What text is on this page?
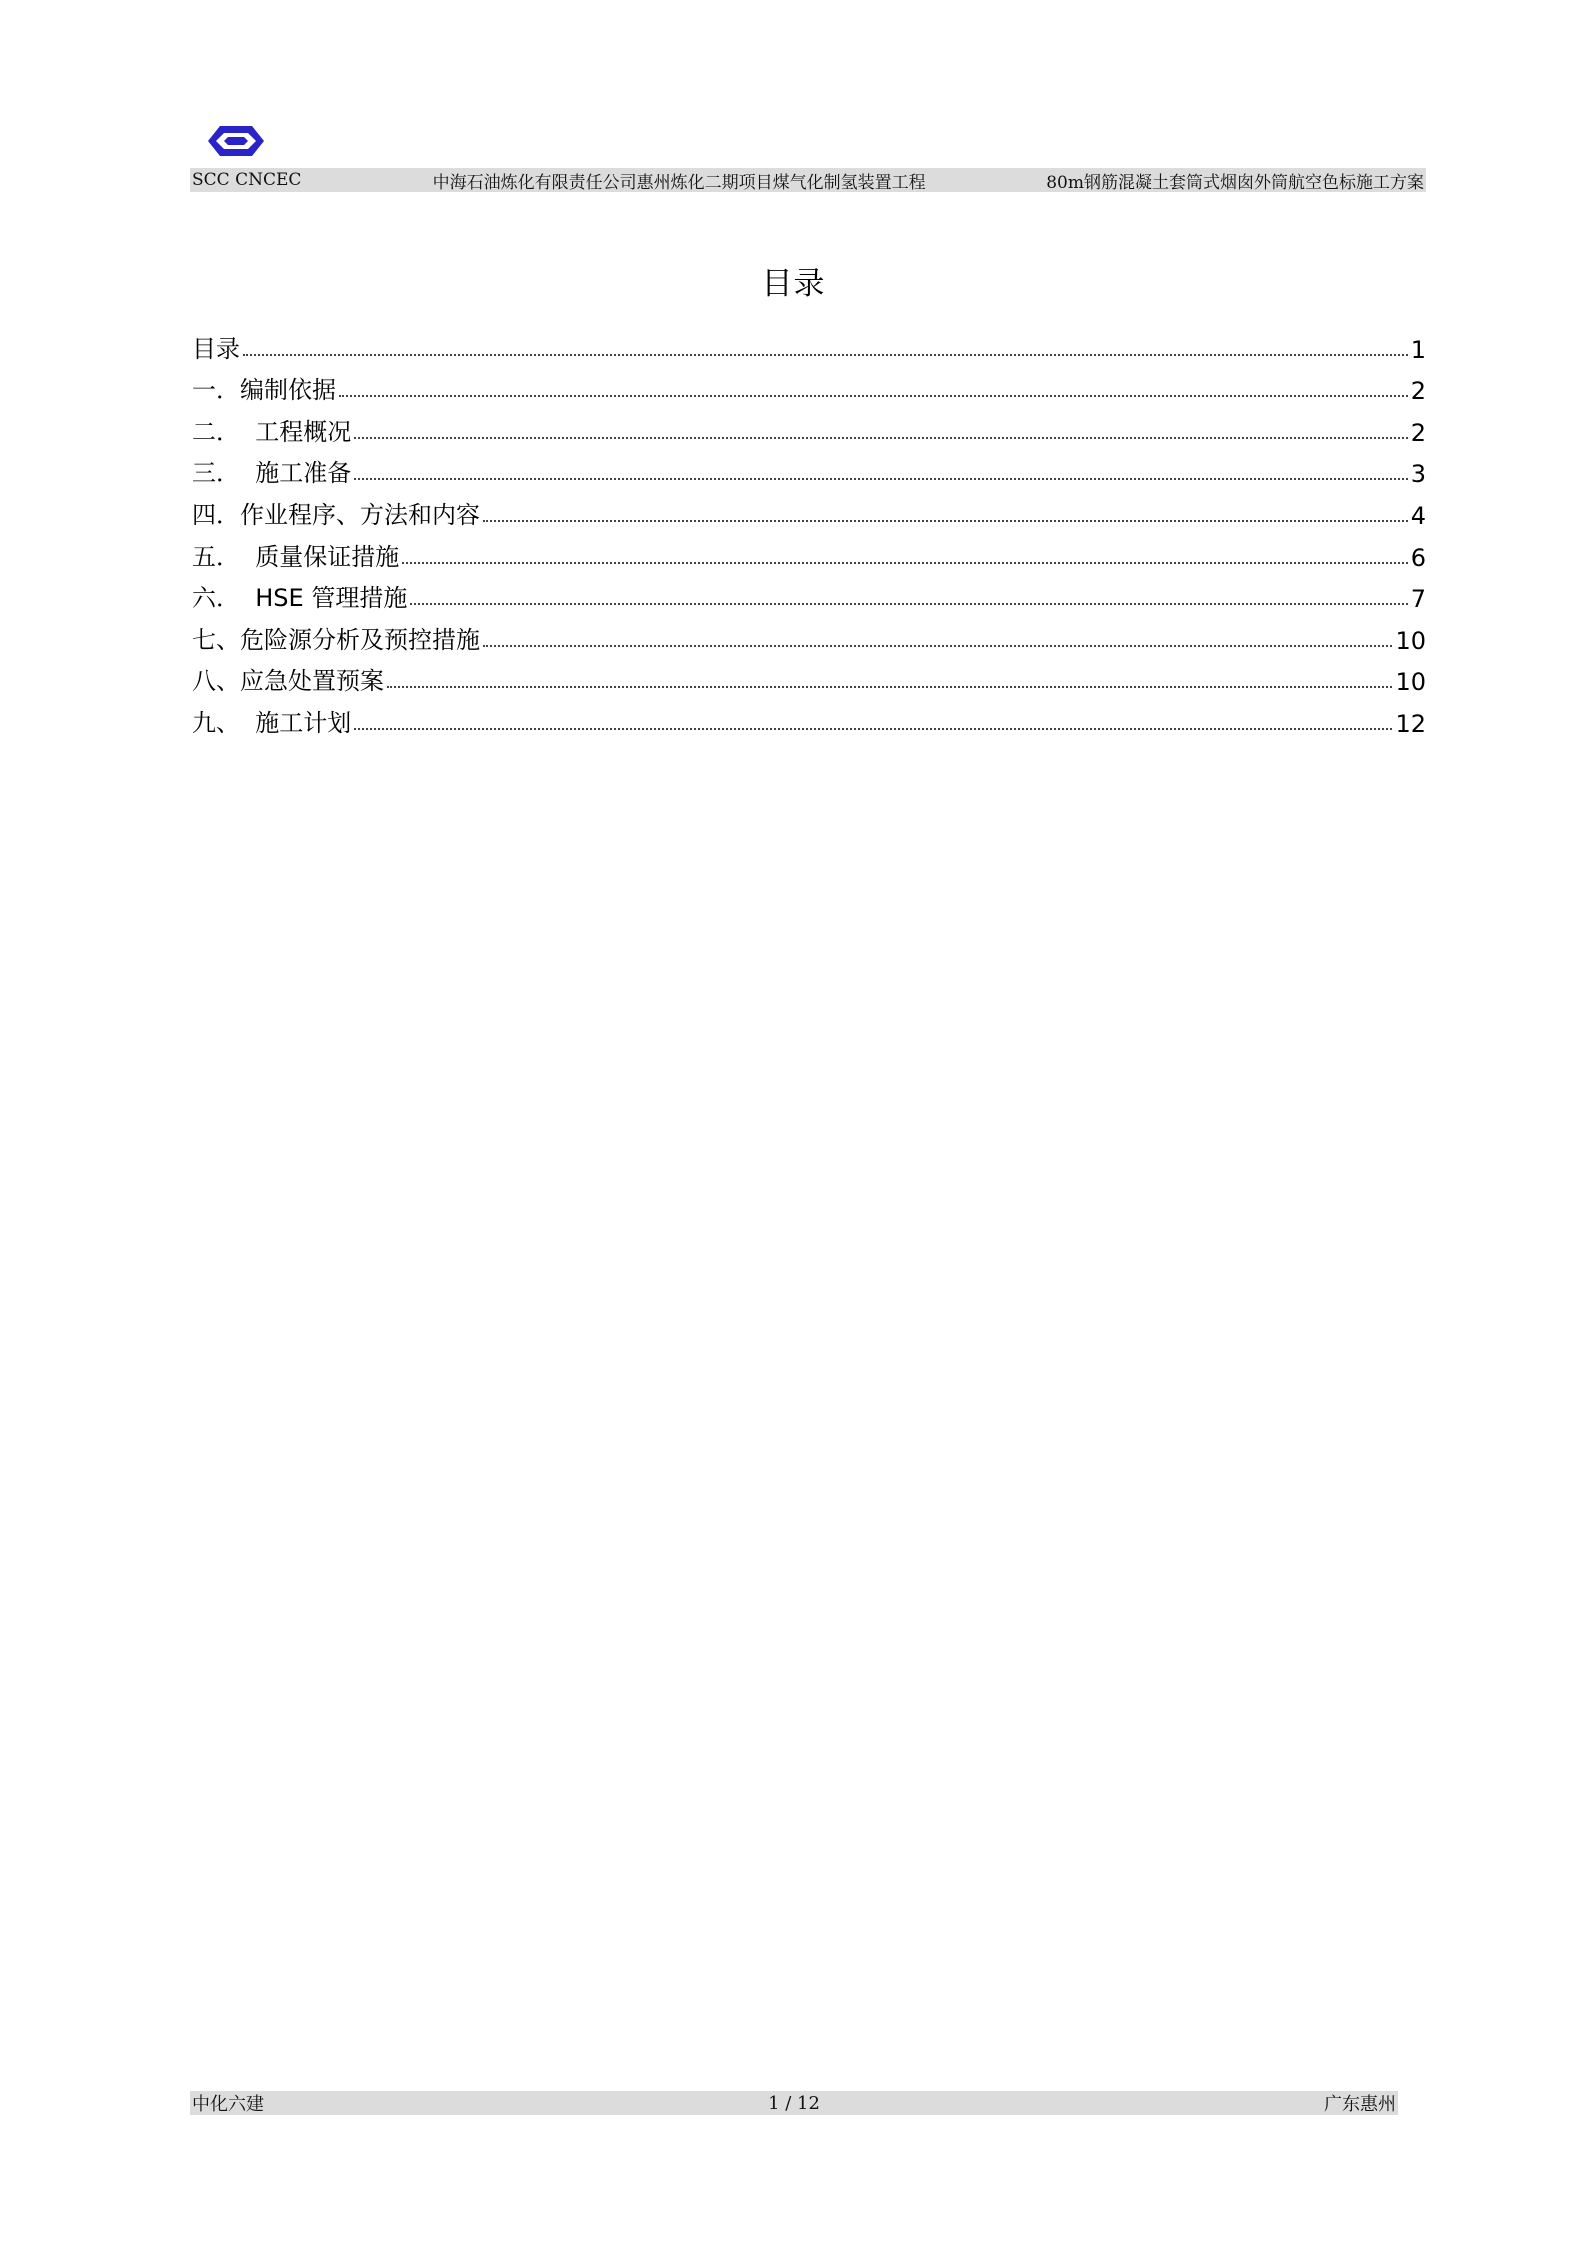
SCC CNCEC	中海石油炼化有限责任公司惠州炼化二期项目煤气化制氢装置工程	80m钢筋混凝土套筒式烟囱外筒航空色标施工方案
目录
目录	1
一．编制依据	2
二．  工程概况	2
三．  施工准备	3
四．作业程序、方法和内容	4
五．  质量保证措施	6
六．  HSE 管理措施	7
七、危险源分析及预控措施	10
八、应急处置预案	10
九、  施工计划	12
中化六建	1 / 12	广东惠州
